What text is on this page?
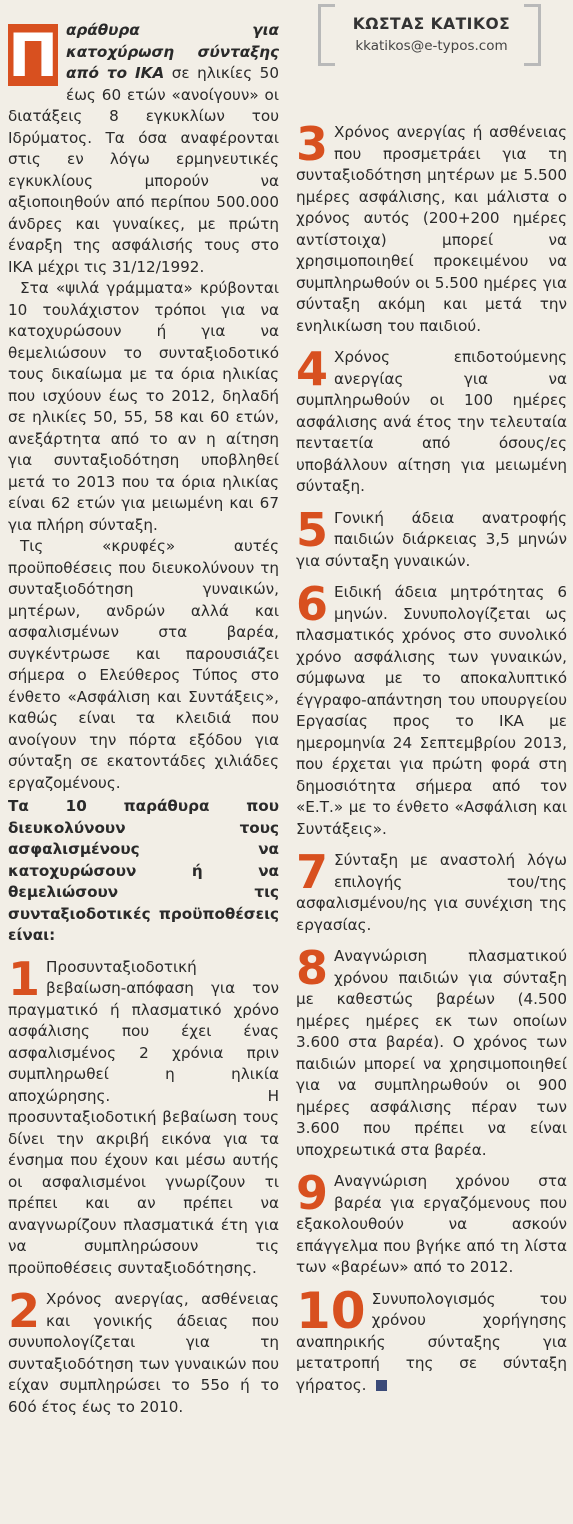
Π αράθυρα για κατοχύρωση σύνταξης από το ΙΚΑ σε ηλικίες 50 έως 60 ετών «ανοίγουν» οι διατάξεις 8 εγκυκλίων του Ιδρύματος. Τα όσα αναφέρονται στις εν λόγω ερμηνευτικές εγκυκλίους μπορούν να αξιοποιηθούν από περίπου 500.000 άνδρες και γυναίκες, με πρώτη έναρξη της ασφάλισής τους στο ΙΚΑ μέχρι τις 31/12/1992.

Στα «ψιλά γράμματα» κρύβονται 10 τουλάχιστον τρόποι για να κατοχυρώσουν ή για να θεμελιώσουν το συνταξιοδοτικό τους δικαίωμα με τα όρια ηλικίας που ισχύουν έως το 2012, δηλαδή σε ηλικίες 50, 55, 58 και 60 ετών, ανεξάρτητα από το αν η αίτηση για συνταξιοδότηση υποβληθεί μετά το 2013 που τα όρια ηλικίας είναι 62 ετών για μειωμένη και 67 για πλήρη σύνταξη.

Τις «κρυφές» αυτές προϋποθέσεις που διευκολύνουν τη συνταξιοδότηση γυναικών, μητέρων, ανδρών αλλά και ασφαλισμένων στα βαρέα, συγκέντρωσε και παρουσιάζει σήμερα ο Ελεύθερος Τύπος στο ένθετο «Ασφάλιση και Συντάξεις», καθώς είναι τα κλειδιά που ανοίγουν την πόρτα εξόδου για σύνταξη σε εκατοντάδες χιλιάδες εργαζομένους.

Τα 10 παράθυρα που διευκολύνουν τους ασφαλισμένους να κατοχυρώσουν ή να θεμελιώσουν τις συνταξιοδοτικές προϋποθέσεις είναι:

1 Προσυνταξιοδοτική βεβαίωση-απόφαση για τον πραγματικό ή πλασματικό χρόνο ασφάλισης που έχει ένας ασφαλισμένος 2 χρόνια πριν συμπληρωθεί η ηλικία αποχώρησης. Η προσυνταξιοδοτική βεβαίωση τους δίνει την ακριβή εικόνα για τα ένσημα που έχουν και μέσω αυτής οι ασφαλισμένοι γνωρίζουν τι πρέπει και αν πρέπει να αναγνωρίζουν πλασματικά έτη για να συμπληρώσουν τις προϋποθέσεις συνταξιοδότησης.
2 Χρόνος ανεργίας, ασθένειας και γονικής άδειας που συνυπολογίζεται για τη συνταξιοδότηση των γυναικών που είχαν συμπληρώσει το 55ο ή το 60ό έτος έως το 2010.
ΚΩΣΤΑΣ ΚΑΤΙΚΟΣ
kkatikos@e-typos.com
3 Χρόνος ανεργίας ή ασθένειας που προσμετράει για τη συνταξιοδότηση μητέρων με 5.500 ημέρες ασφάλισης, και μάλιστα ο χρόνος αυτός (200+200 ημέρες αντίστοιχα) μπορεί να χρησιμοποιηθεί προκειμένου να συμπληρωθούν οι 5.500 ημέρες για σύνταξη ακόμη και μετά την ενηλικίωση του παιδιού.
4 Χρόνος επιδοτούμενης ανεργίας για να συμπληρωθούν οι 100 ημέρες ασφάλισης ανά έτος την τελευταία πενταετία από όσους/ες υποβάλλουν αίτηση για μειωμένη σύνταξη.
5 Γονική άδεια ανατροφής παιδιών διάρκειας 3,5 μηνών για σύνταξη γυναικών.
6 Ειδική άδεια μητρότητας 6 μηνών. Συνυπολογίζεται ως πλασματικός χρόνος στο συνολικό χρόνο ασφάλισης των γυναικών, σύμφωνα με το αποκαλυπτικό έγγραφο-απάντηση του υπουργείου Εργασίας προς το ΙΚΑ με ημερομηνία 24 Σεπτεμβρίου 2013, που έρχεται για πρώτη φορά στη δημοσιότητα σήμερα από τον «Ε.Τ.» με το ένθετο «Ασφάλιση και Συντάξεις».
7 Σύνταξη με αναστολή λόγω επιλογής του/της ασφαλισμένου/ης για συνέχιση της εργασίας.
8 Αναγνώριση πλασματικού χρόνου παιδιών για σύνταξη με καθεστώς βαρέων (4.500 ημέρες ημέρες εκ των οποίων 3.600 στα βαρέα). Ο χρόνος των παιδιών μπορεί να χρησιμοποιηθεί για να συμπληρωθούν οι 900 ημέρες ασφάλισης πέραν των 3.600 που πρέπει να είναι υποχρεωτικά στα βαρέα.
9 Αναγνώριση χρόνου στα βαρέα για εργαζόμενους που εξακολουθούν να ασκούν επάγγελμα που βγήκε από τη λίστα των «βαρέων» από το 2012.
10 Συνυπολογισμός του χρόνου χορήγησης αναπηρικής σύνταξης για μετατροπή της σε σύνταξη γήρατος.
